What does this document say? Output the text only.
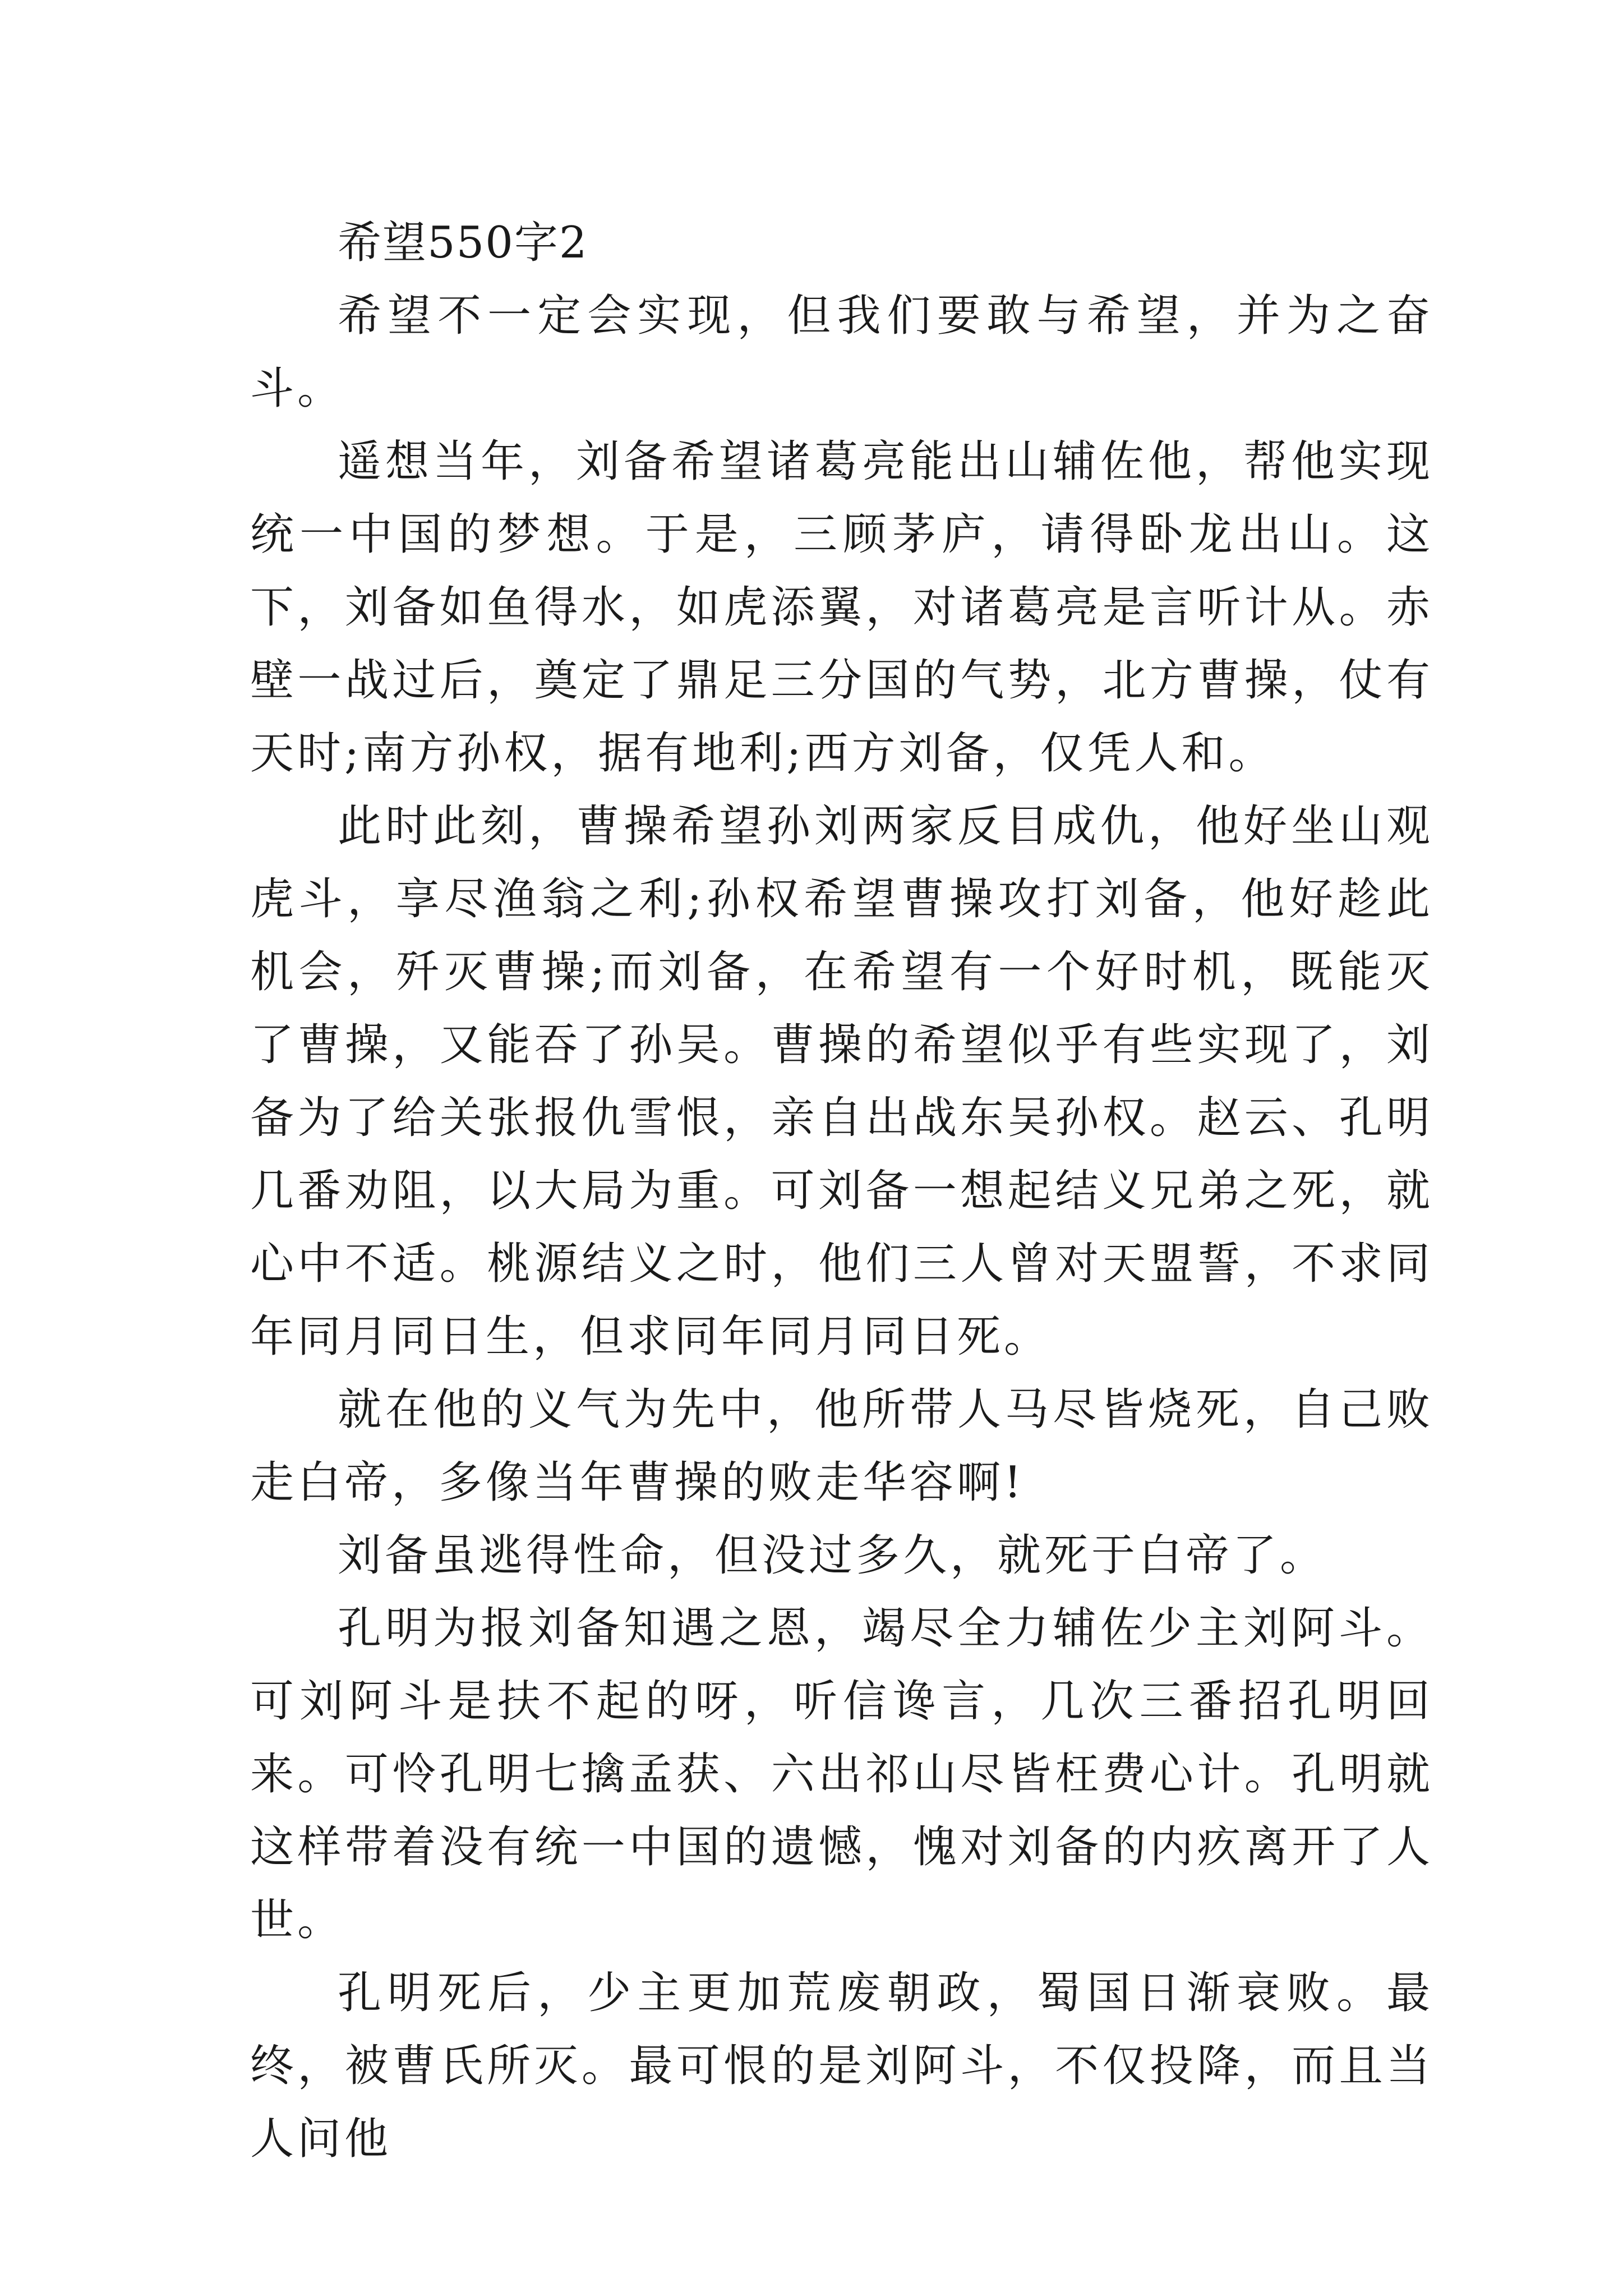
希望550字2

希望不一定会实现，但我们要敢与希望，并为之奋斗。

遥想当年，刘备希望诸葛亮能出山辅佐他，帮他实现统一中国的梦想。于是，三顾茅庐，请得卧龙出山。这下，刘备如鱼得水，如虎添翼，对诸葛亮是言听计从。赤壁一战过后，奠定了鼎足三分国的气势，北方曹操，仗有天时;南方孙权，据有地利;西方刘备，仅凭人和。

此时此刻，曹操希望孙刘两家反目成仇，他好坐山观虎斗，享尽渔翁之利;孙权希望曹操攻打刘备，他好趁此机会，歼灭曹操;而刘备，在希望有一个好时机，既能灭了曹操，又能吞了孙吴。曹操的希望似乎有些实现了，刘备为了给关张报仇雪恨，亲自出战东吴孙权。赵云、孔明几番劝阻，以大局为重。可刘备一想起结义兄弟之死，就心中不适。桃源结义之时，他们三人曾对天盟誓，不求同年同月同日生，但求同年同月同日死。

就在他的义气为先中，他所带人马尽皆烧死，自己败走白帝，多像当年曹操的败走华容啊!

刘备虽逃得性命，但没过多久，就死于白帝了。

孔明为报刘备知遇之恩，竭尽全力辅佐少主刘阿斗。可刘阿斗是扶不起的呀，听信谗言，几次三番招孔明回来。可怜孔明七擒孟获、六出祁山尽皆枉费心计。孔明就这样带着没有统一中国的遗憾，愧对刘备的内疚离开了人世。

孔明死后，少主更加荒废朝政，蜀国日渐衰败。最终，被曹氏所灭。最可恨的是刘阿斗，不仅投降，而且当人问他
